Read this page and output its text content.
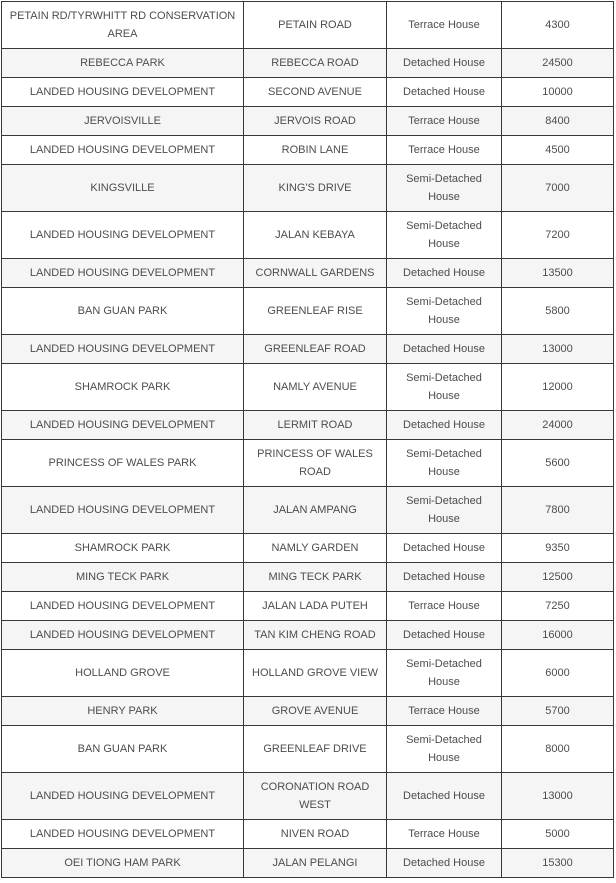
PETAIN RD/TYRWHITT RD CONSERVATION AREA	PETAIN ROAD	Terrace House	4300
REBECCA PARK	REBECCA ROAD	Detached House	24500
LANDED HOUSING DEVELOPMENT	SECOND AVENUE	Detached House	10000
JERVOISVILLE	JERVOIS ROAD	Terrace House	8400
LANDED HOUSING DEVELOPMENT	ROBIN LANE	Terrace House	4500
KINGSVILLE	KING'S DRIVE	Semi-Detached House	7000
LANDED HOUSING DEVELOPMENT	JALAN KEBAYA	Semi-Detached House	7200
LANDED HOUSING DEVELOPMENT	CORNWALL GARDENS	Detached House	13500
BAN GUAN PARK	GREENLEAF RISE	Semi-Detached House	5800
LANDED HOUSING DEVELOPMENT	GREENLEAF ROAD	Detached House	13000
SHAMROCK PARK	NAMLY AVENUE	Semi-Detached House	12000
LANDED HOUSING DEVELOPMENT	LERMIT ROAD	Detached House	24000
PRINCESS OF WALES PARK	PRINCESS OF WALES ROAD	Semi-Detached House	5600
LANDED HOUSING DEVELOPMENT	JALAN AMPANG	Semi-Detached House	7800
SHAMROCK PARK	NAMLY GARDEN	Detached House	9350
MING TECK PARK	MING TECK PARK	Detached House	12500
LANDED HOUSING DEVELOPMENT	JALAN LADA PUTEH	Terrace House	7250
LANDED HOUSING DEVELOPMENT	TAN KIM CHENG ROAD	Detached House	16000
HOLLAND GROVE	HOLLAND GROVE VIEW	Semi-Detached House	6000
HENRY PARK	GROVE AVENUE	Terrace House	5700
BAN GUAN PARK	GREENLEAF DRIVE	Semi-Detached House	8000
LANDED HOUSING DEVELOPMENT	CORONATION ROAD WEST	Detached House	13000
LANDED HOUSING DEVELOPMENT	NIVEN ROAD	Terrace House	5000
OEI TIONG HAM PARK	JALAN PELANGI	Detached House	15300
